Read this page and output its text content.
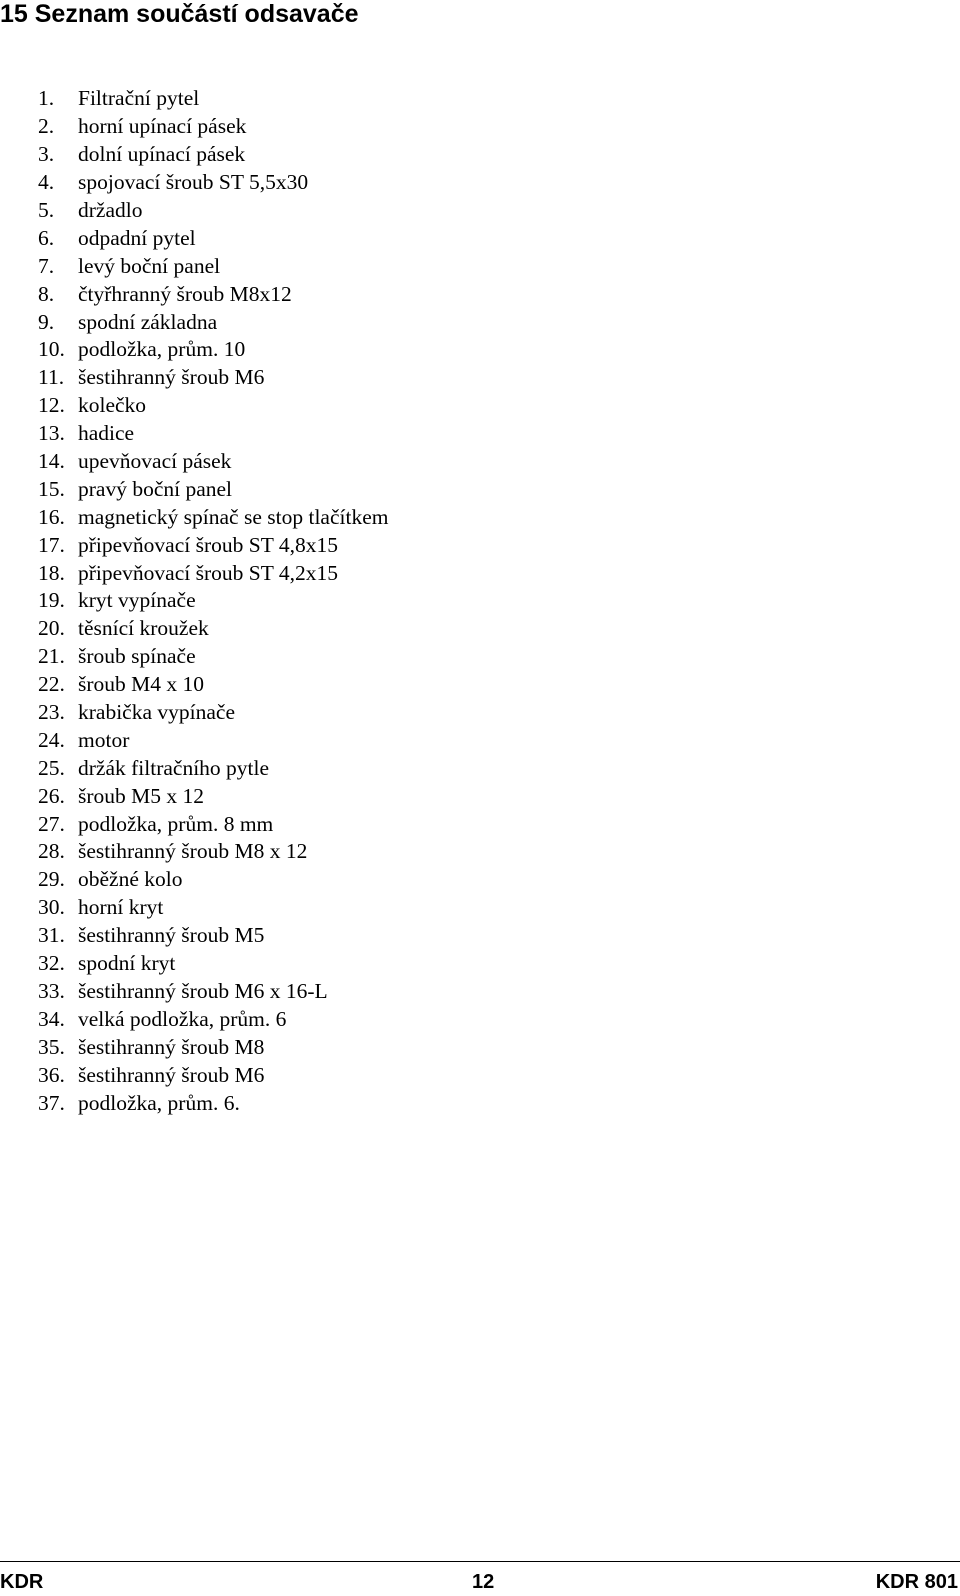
15 Seznam součástí odsavače
1.	Filtrační pytel
2.	horní upínací pásek
3.	dolní upínací pásek
4.	spojovací šroub ST 5,5x30
5.	držadlo
6.	odpadní pytel
7.	levý boční panel
8.	čtyřhranný šroub M8x12
9.	spodní základna
10. podložka, prům. 10
11. šestihranný šroub M6
12. kolečko
13. hadice
14. upevňovací pásek
15. pravý boční panel
16. magnetický spínač se stop tlačítkem
17. připevňovací šroub ST 4,8x15
18. připevňovací šroub ST 4,2x15
19. kryt vypínače
20. těsnící kroužek
21. šroub spínače
22. šroub M4 x 10
23. krabička vypínače
24. motor
25. držák filtračního pytle
26. šroub M5 x 12
27. podložka, prům. 8 mm
28. šestihranný šroub M8 x 12
29. oběžné kolo
30. horní kryt
31. šestihranný šroub M5
32. spodní kryt
33. šestihranný šroub M6 x 16-L
34. velká podložka, prům. 6
35. šestihranný šroub M8
36. šestihranný šroub M6
37. podložka, prům. 6.
KDR	12	KDR 801
